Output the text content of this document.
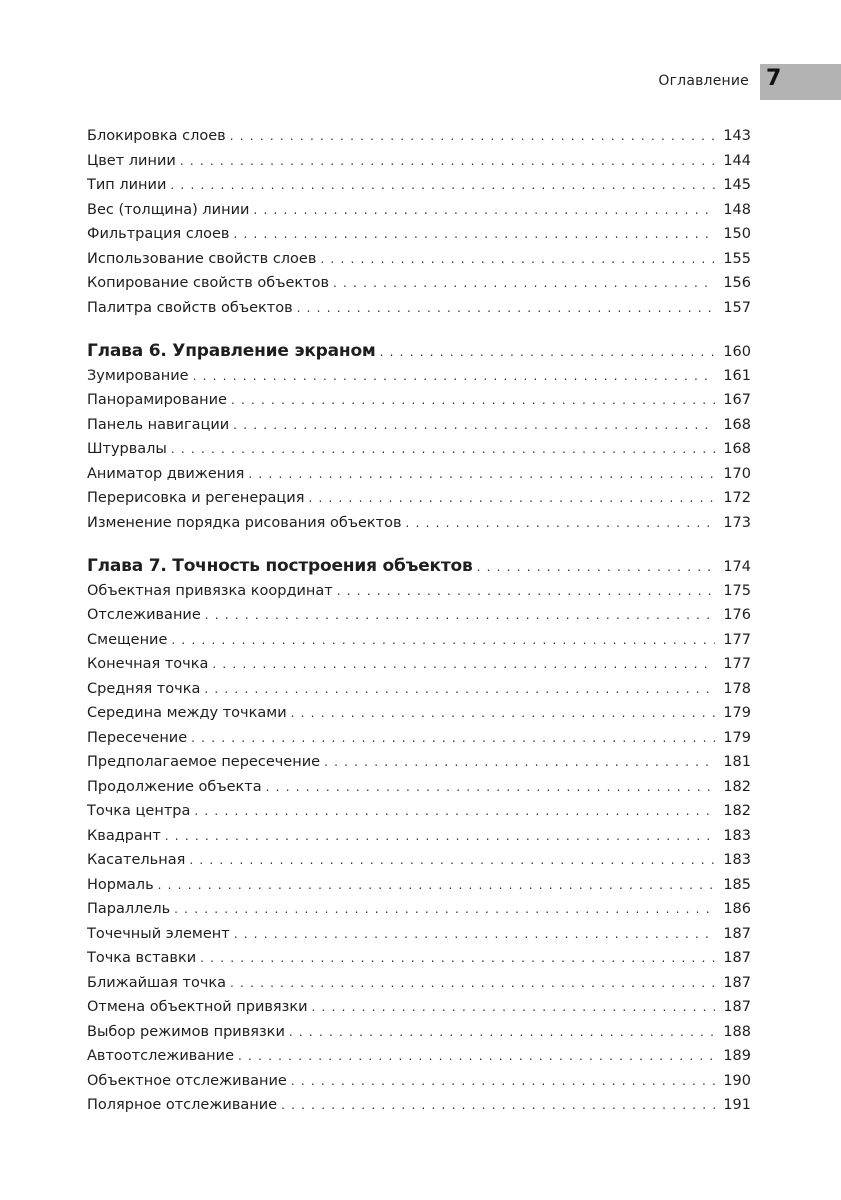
Оглавление 7
Блокировка слоев . . .	143
Цвет линии . . .	144
Тип линии . . .	145
Вес (толщина) линии . . .	148
Фильтрация слоев . . .	150
Использование свойств слоев . . .	155
Копирование свойств объектов . . .	156
Палитра свойств объектов . . .	157
Глава 6. Управление экраном . . .	160
Зумирование . . .	161
Панорамирование . . .	167
Панель навигации . . .	168
Штурвалы . . .	168
Аниматор движения . . .	170
Перерисовка и регенерация . . .	172
Изменение порядка рисования объектов . . .	173
Глава 7. Точность построения объектов . . .	174
Объектная привязка координат . . .	175
Отслеживание . . .	176
Смещение . . .	177
Конечная точка . . .	177
Средняя точка . . .	178
Середина между точками . . .	179
Пересечение . . .	179
Предполагаемое пересечение . . .	181
Продолжение объекта . . .	182
Точка центра . . .	182
Квадрант . . .	183
Касательная . . .	183
Нормаль . . .	185
Параллель . . .	186
Точечный элемент . . .	187
Точка вставки . . .	187
Ближайшая точка . . .	187
Отмена объектной привязки . . .	187
Выбор режимов привязки . . .	188
Автоотслеживание . . .	189
Объектное отслеживание . . .	190
Полярное отслеживание . . .	191
